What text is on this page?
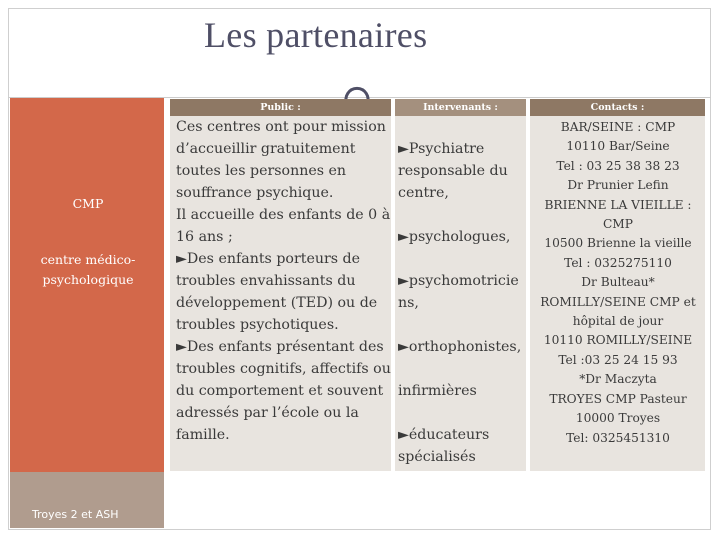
Les partenaires
CMP
centre médico-
psychologique
Troyes 2 et ASH
Public :	Intervenants :	Contacts :
Ces centres ont pour mission
d’accueillir gratuitement
toutes les personnes en
souffrance psychique.
Il accueille des enfants de 0 à
16 ans ;
►Des enfants porteurs de
troubles envahissants du
développement (TED) ou de
troubles psychotiques.
►Des enfants présentant des
troubles cognitifs, affectifs ou
du comportement et souvent
adressés par l’école ou la
famille.
►Psychiatre
responsable du
centre,
►psychologues,
►psychomotricie
ns,
►orthophonistes,
infirmières
►éducateurs
spécialisés
BAR/SEINE : CMP
10110 Bar/Seine
Tel : 03 25 38 38 23
Dr Prunier Lefin
BRIENNE LA VIEILLE :
CMP
10500 Brienne la vieille
Tel : 0325275110
Dr Bulteau*
ROMILLY/SEINE CMP et
hôpital de jour
10110 ROMILLY/SEINE
Tel :03 25 24 15 93
*Dr Maczyta
TROYES CMP Pasteur
10000 Troyes
Tel: 0325451310
